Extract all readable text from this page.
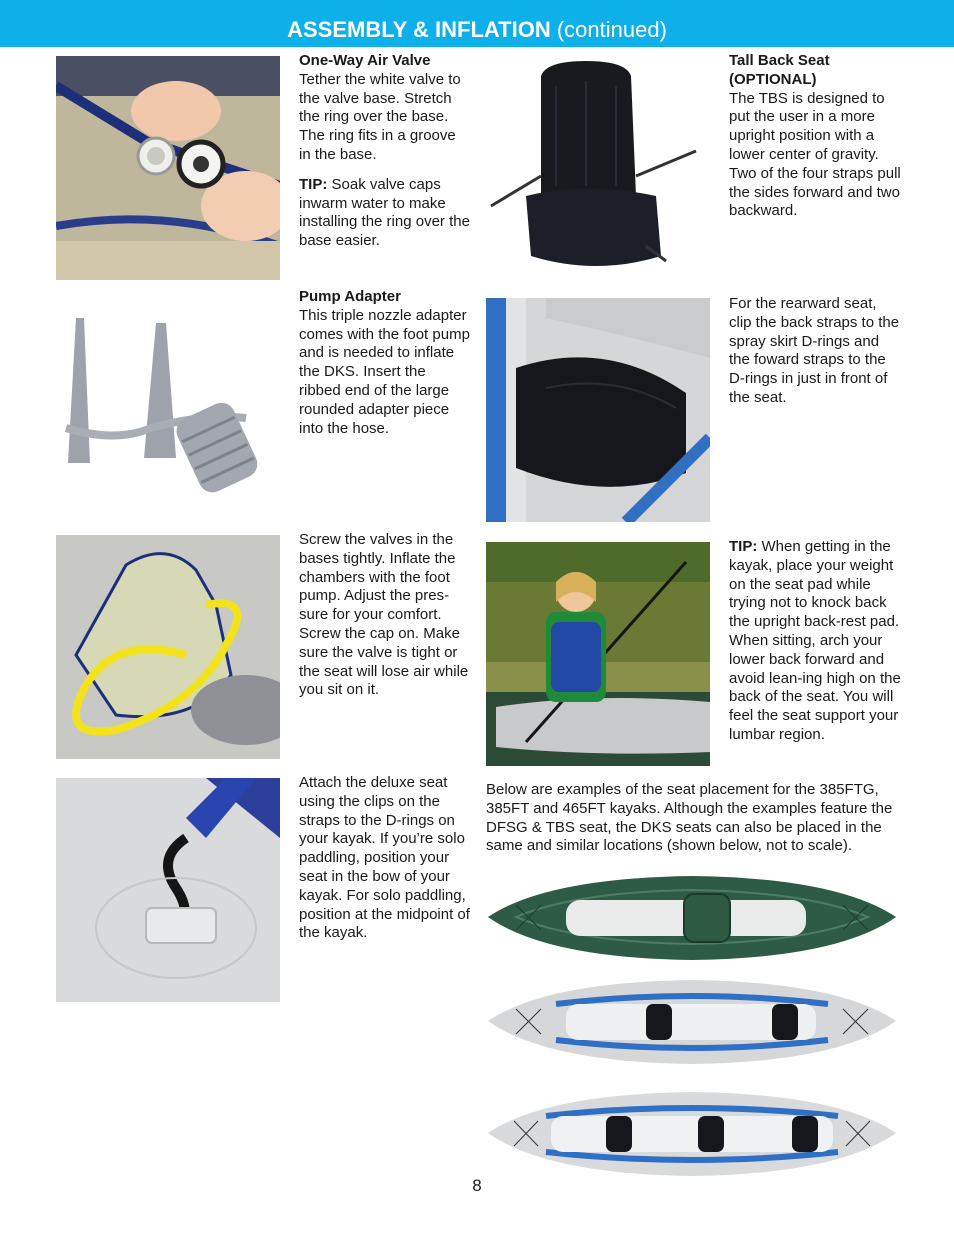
ASSEMBLY & INFLATION (continued)

One-Way Air Valve

Tether the white valve to the valve base. Stretch the ring over the base. The ring fits in a groove in the base.

TIP: Soak valve caps inwarm water to make installing the ring over the base easier.

Pump Adapter

This triple nozzle adapter comes with the foot pump and is needed to inflate the DKS. Insert the ribbed end of the large rounded adapter piece into the hose.

Screw the valves in the bases tightly. Inflate the chambers with the foot pump. Adjust the pres-sure for your comfort. Screw the cap on. Make sure the valve is tight or the seat will lose air while you sit on it.

Attach the deluxe seat using the clips on the straps to the D-rings on your kayak. If you’re solo paddling, position your seat in the bow of your kayak. For solo paddling, position at the midpoint of the kayak.

Tall Back Seat

(OPTIONAL)

The TBS is designed to put the user in a more upright position with a lower center of gravity. Two of the four straps pull the sides forward and two backward.

For the rearward seat, clip the back straps to the spray skirt D-rings and the foward straps to the D-rings in just in front of the seat.

TIP: When getting in the kayak, place your weight on the seat pad while trying not to knock back the upright back-rest pad. When sitting, arch your lower back forward and avoid lean-ing high on the back of the seat. You will feel the seat support your lumbar region.

Below are examples of the seat placement for the 385FTG, 385FT and 465FT kayaks. Although the examples feature the DFSG & TBS seat, the DKS seats can also be placed in the same and similar locations (shown below, not to scale).

8
